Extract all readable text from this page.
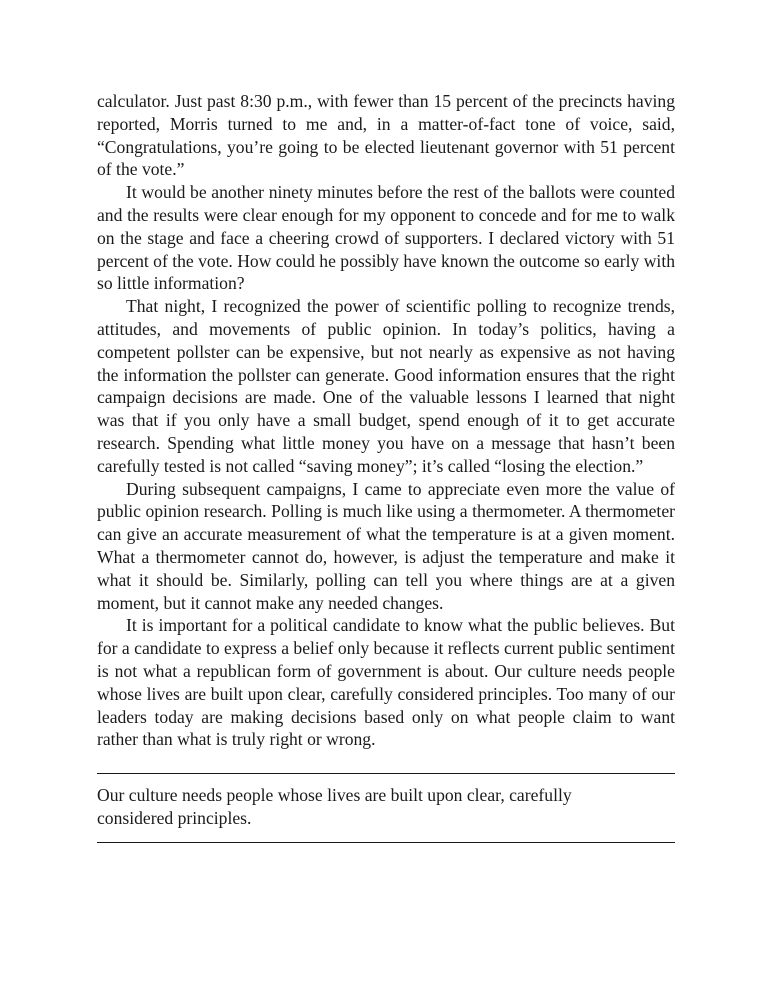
calculator. Just past 8:30 p.m., with fewer than 15 percent of the precincts having reported, Morris turned to me and, in a matter-of-fact tone of voice, said, “Congratulations, you’re going to be elected lieutenant governor with 51 percent of the vote.”

It would be another ninety minutes before the rest of the ballots were counted and the results were clear enough for my opponent to concede and for me to walk on the stage and face a cheering crowd of supporters. I declared victory with 51 percent of the vote. How could he possibly have known the outcome so early with so little information?

That night, I recognized the power of scientific polling to recognize trends, attitudes, and movements of public opinion. In today’s politics, having a competent pollster can be expensive, but not nearly as expensive as not having the information the pollster can generate. Good information ensures that the right campaign decisions are made. One of the valuable lessons I learned that night was that if you only have a small budget, spend enough of it to get accurate research. Spending what little money you have on a message that hasn’t been carefully tested is not called “saving money”; it’s called “losing the election.”

During subsequent campaigns, I came to appreciate even more the value of public opinion research. Polling is much like using a thermometer. A thermometer can give an accurate measurement of what the temperature is at a given moment. What a thermometer cannot do, however, is adjust the temperature and make it what it should be. Similarly, polling can tell you where things are at a given moment, but it cannot make any needed changes.

It is important for a political candidate to know what the public believes. But for a candidate to express a belief only because it reflects current public sentiment is not what a republican form of government is about. Our culture needs people whose lives are built upon clear, carefully considered principles. Too many of our leaders today are making decisions based only on what people claim to want rather than what is truly right or wrong.

Our culture needs people whose lives are built upon clear, carefully considered principles.
